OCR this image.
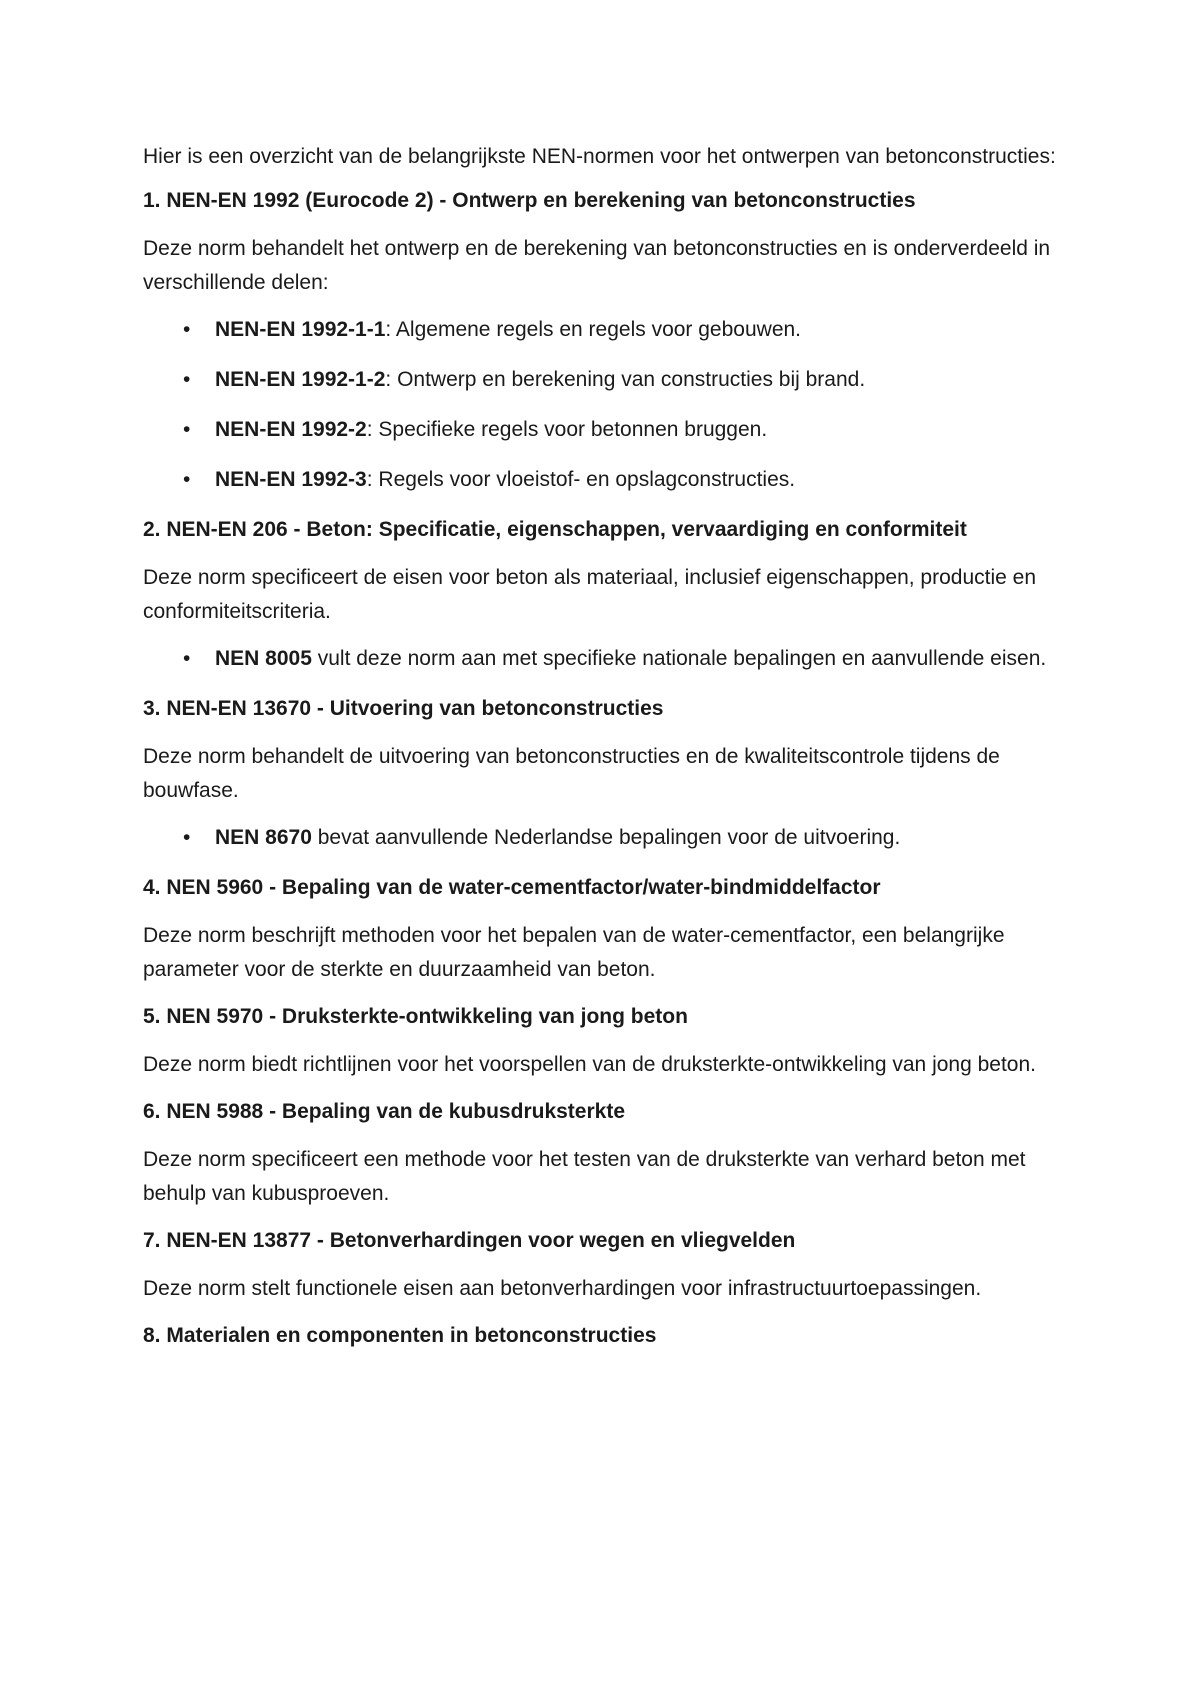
Hier is een overzicht van de belangrijkste NEN-normen voor het ontwerpen van betonconstructies:

1. NEN-EN 1992 (Eurocode 2) - Ontwerp en berekening van betonconstructies

Deze norm behandelt het ontwerp en de berekening van betonconstructies en is onderverdeeld in verschillende delen:

• NEN-EN 1992-1-1: Algemene regels en regels voor gebouwen.
• NEN-EN 1992-1-2: Ontwerp en berekening van constructies bij brand.
• NEN-EN 1992-2: Specifieke regels voor betonnen bruggen.
• NEN-EN 1992-3: Regels voor vloeistof- en opslagconstructies.

2. NEN-EN 206 - Beton: Specificatie, eigenschappen, vervaardiging en conformiteit

Deze norm specificeert de eisen voor beton als materiaal, inclusief eigenschappen, productie en conformiteitscriteria.

• NEN 8005 vult deze norm aan met specifieke nationale bepalingen en aanvullende eisen.

3. NEN-EN 13670 - Uitvoering van betonconstructies

Deze norm behandelt de uitvoering van betonconstructies en de kwaliteitscontrole tijdens de bouwfase.

• NEN 8670 bevat aanvullende Nederlandse bepalingen voor de uitvoering.

4. NEN 5960 - Bepaling van de water-cementfactor/water-bindmiddelfactor

Deze norm beschrijft methoden voor het bepalen van de water-cementfactor, een belangrijke parameter voor de sterkte en duurzaamheid van beton.

5. NEN 5970 - Druksterkte-ontwikkeling van jong beton

Deze norm biedt richtlijnen voor het voorspellen van de druksterkte-ontwikkeling van jong beton.

6. NEN 5988 - Bepaling van de kubusdruksterkte

Deze norm specificeert een methode voor het testen van de druksterkte van verhard beton met behulp van kubusproeven.

7. NEN-EN 13877 - Betonverhardingen voor wegen en vliegvelden

Deze norm stelt functionele eisen aan betonverhardingen voor infrastructuurtoepassingen.

8. Materialen en componenten in betonconstructies
